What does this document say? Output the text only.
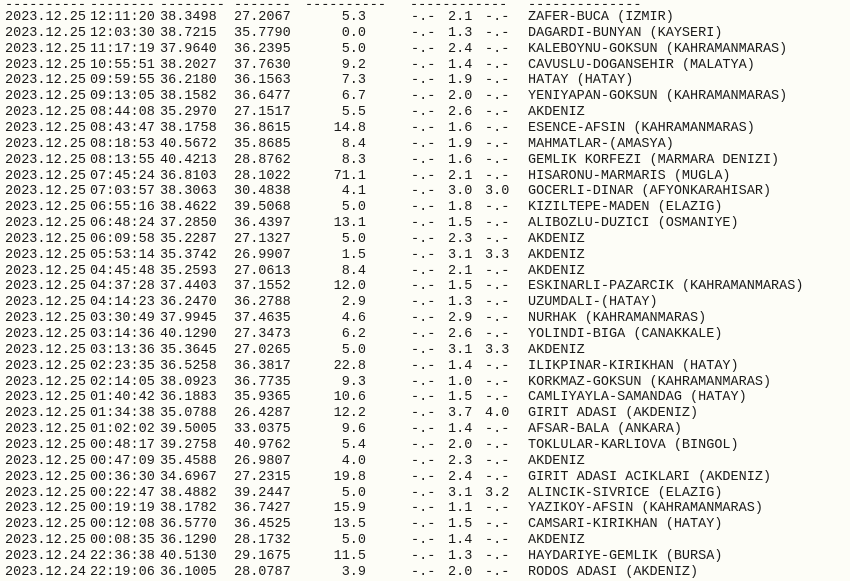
----------

--------

--------

-------

----------

------------

--------------

2023.12.25 12:11:20 38.3498 27.2067	5.3	-.- 2.1 -.- ZAFER-BUCA (IZMIR)
2023.12.25 12:03:30 38.7215 35.7790	0.0	-.- 1.3 -.- DAGARDI-BUNYAN (KAYSERI)
2023.12.25 11:17:19 37.9640 36.2395	5.0	-.- 2.4 -.- KALEBOYNU-GOKSUN (KAHRAMANMARAS)
2023.12.25 10:55:51 38.2027 37.7630	9.2	-.- 1.4 -.- CAVUSLU-DOGANSEHIR (MALATYA)
2023.12.25 09:59:55 36.2180 36.1563	7.3	-.- 1.9 -.- HATAY (HATAY)
2023.12.25 09:13:05 38.1582 36.6477	6.7	-.- 2.0 -.- YENIYAPAN-GOKSUN (KAHRAMANMARAS)
2023.12.25 08:44:08 35.2970 27.1517	5.5	-.- 2.6 -.- AKDENIZ
2023.12.25 08:43:47 38.1758 36.8615	14.8	-.- 1.6 -.- ESENCE-AFSIN (KAHRAMANMARAS)
2023.12.25 08:18:53 40.5672 35.8685	8.4	-.- 1.9 -.- MAHMATLAR-(AMASYA)
2023.12.25 08:13:55 40.4213 28.8762	8.3	-.- 1.6 -.- GEMLIK KORFEZI (MARMARA DENIZI)
2023.12.25 07:45:24 36.8103 28.1022	71.1	-.- 2.1 -.- HISARONU-MARMARIS (MUGLA)
2023.12.25 07:03:57 38.3063 30.4838	4.1	-.- 3.0 3.0 GOCERLI-DINAR (AFYONKARAHISAR)
2023.12.25 06:55:16 38.4622 39.5068	5.0	-.- 1.8 -.- KIZILTEPE-MADEN (ELAZIG)
2023.12.25 06:48:24 37.2850 36.4397	13.1	-.- 1.5 -.- ALIBOZLU-DUZICI (OSMANIYE)
2023.12.25 06:09:58 35.2287 27.1327	5.0	-.- 2.3 -.- AKDENIZ
2023.12.25 05:53:14 35.3742 26.9907	1.5	-.- 3.1 3.3 AKDENIZ
2023.12.25 04:45:48 35.2593 27.0613	8.4	-.- 2.1 -.- AKDENIZ
2023.12.25 04:37:28 37.4403 37.1552	12.0	-.- 1.5 -.- ESKINARLI-PAZARCIK (KAHRAMANMARAS)
2023.12.25 04:14:23 36.2470 36.2788	2.9	-.- 1.3 -.- UZUMDALI-(HATAY)
2023.12.25 03:30:49 37.9945 37.4635	4.6	-.- 2.9 -.- NURHAK (KAHRAMANMARAS)
2023.12.25 03:14:36 40.1290 27.3473	6.2	-.- 2.6 -.- YOLINDI-BIGA (CANAKKALE)
2023.12.25 03:13:36 35.3645 27.0265	5.0	-.- 3.1 3.3 AKDENIZ
2023.12.25 02:23:35 36.5258 36.3817	22.8	-.- 1.4 -.- ILIKPINAR-KIRIKHAN (HATAY)
2023.12.25 02:14:05 38.0923 36.7735	9.3	-.- 1.0 -.- KORKMAZ-GOKSUN (KAHRAMANMARAS)
2023.12.25 01:40:42 36.1883 35.9365	10.6	-.- 1.5 -.- CAMLIYAYLA-SAMANDAG (HATAY)
2023.12.25 01:34:38 35.0788 26.4287	12.2	-.- 3.7 4.0 GIRIT ADASI (AKDENIZ)
2023.12.25 01:02:02 39.5005 33.0375	9.6	-.- 1.4 -.- AFSAR-BALA (ANKARA)
2023.12.25 00:48:17 39.2758 40.9762	5.4	-.- 2.0 -.- TOKLULAR-KARLIOVA (BINGOL)
2023.12.25 00:47:09 35.4588 26.9807	4.0	-.- 2.3 -.- AKDENIZ
2023.12.25 00:36:30 34.6967 27.2315	19.8	-.- 2.4 -.- GIRIT ADASI ACIKLARI (AKDENIZ)
2023.12.25 00:22:47 38.4882 39.2447	5.0	-.- 3.1 3.2 ALINCIK-SIVRICE (ELAZIG)
2023.12.25 00:19:19 38.1782 36.7427	15.9	-.- 1.1 -.- YAZIKOY-AFSIN (KAHRAMANMARAS)
2023.12.25 00:12:08 36.5770 36.4525	13.5	-.- 1.5 -.- CAMSARI-KIRIKHAN (HATAY)
2023.12.25 00:08:35 36.1290 28.1732	5.0	-.- 1.4 -.- AKDENIZ
2023.12.24 22:36:38 40.5130 29.1675	11.5	-.- 1.3 -.- HAYDARIYE-GEMLIK (BURSA)
2023.12.24 22:19:06 36.1005 28.0787	3.9	-.- 2.0 -.- RODOS ADASI (AKDENIZ)
